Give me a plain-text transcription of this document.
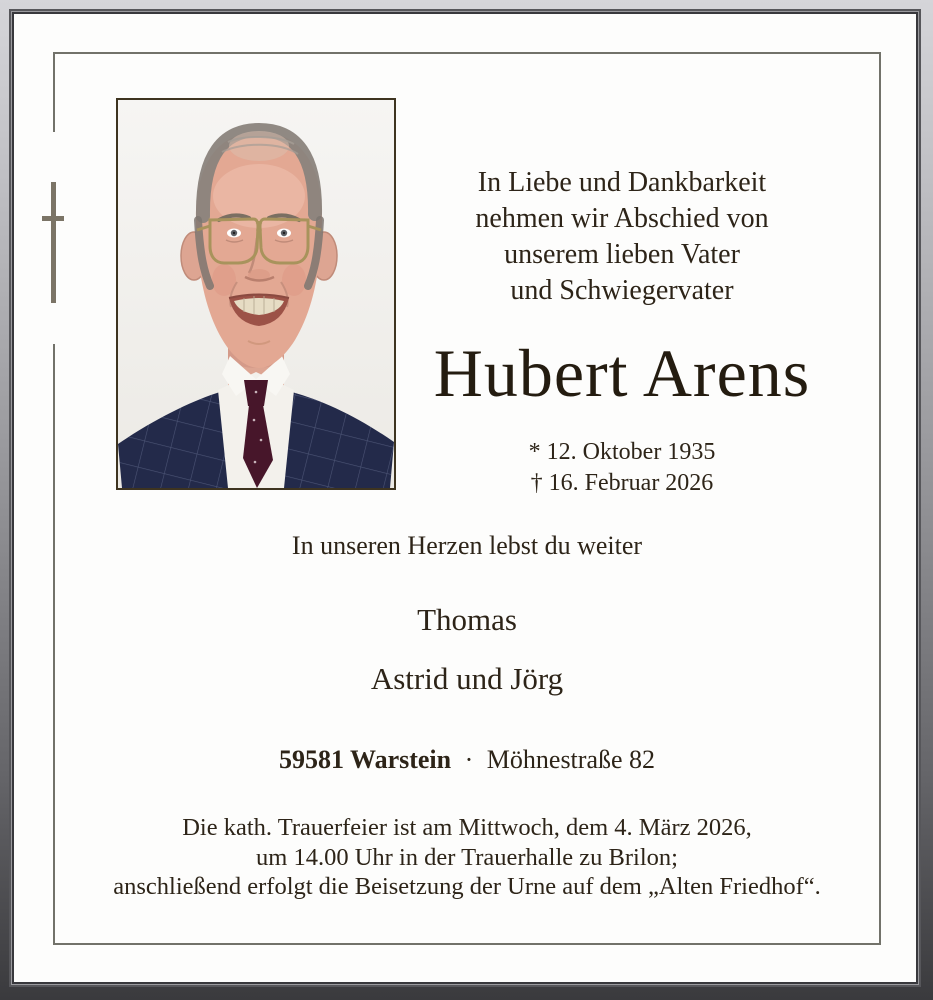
In Liebe und Dankbarkeit

nehmen wir Abschied von

unserem lieben Vater

und Schwiegervater

Hubert Arens

* 12. Oktober 1935

† 16. Februar 2026

In unseren Herzen lebst du weiter
Thomas
Astrid und Jörg
59581 Warstein · Möhnestraße 82

Die kath. Trauerfeier ist am Mittwoch, dem 4. März 2026,

um 14.00 Uhr in der Trauerhalle zu Brilon;

anschließend erfolgt die Beisetzung der Urne auf dem „Alten Friedhof“.
